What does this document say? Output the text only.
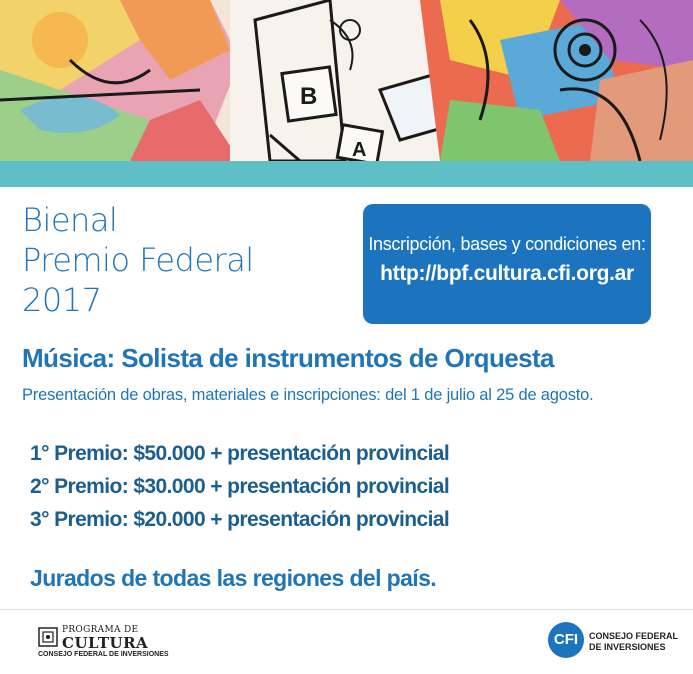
B
A
Bienal
Premio Federal
2017
Inscripción, bases y condiciones en:
http://bpf.cultura.cfi.org.ar
Música: Solista de instrumentos de Orquesta
Presentación de obras, materiales e inscripciones: del 1 de julio al 25 de agosto.
1° Premio: $50.000 + presentación provincial
2° Premio: $30.000 + presentación provincial
3° Premio: $20.000 + presentación provincial
Jurados de todas las regiones del país.
PROGRAMA DE
CULTURA
CONSEJO FEDERAL DE INVERSIONES
CFI	CONSEJO FEDERAL
DE INVERSIONES
